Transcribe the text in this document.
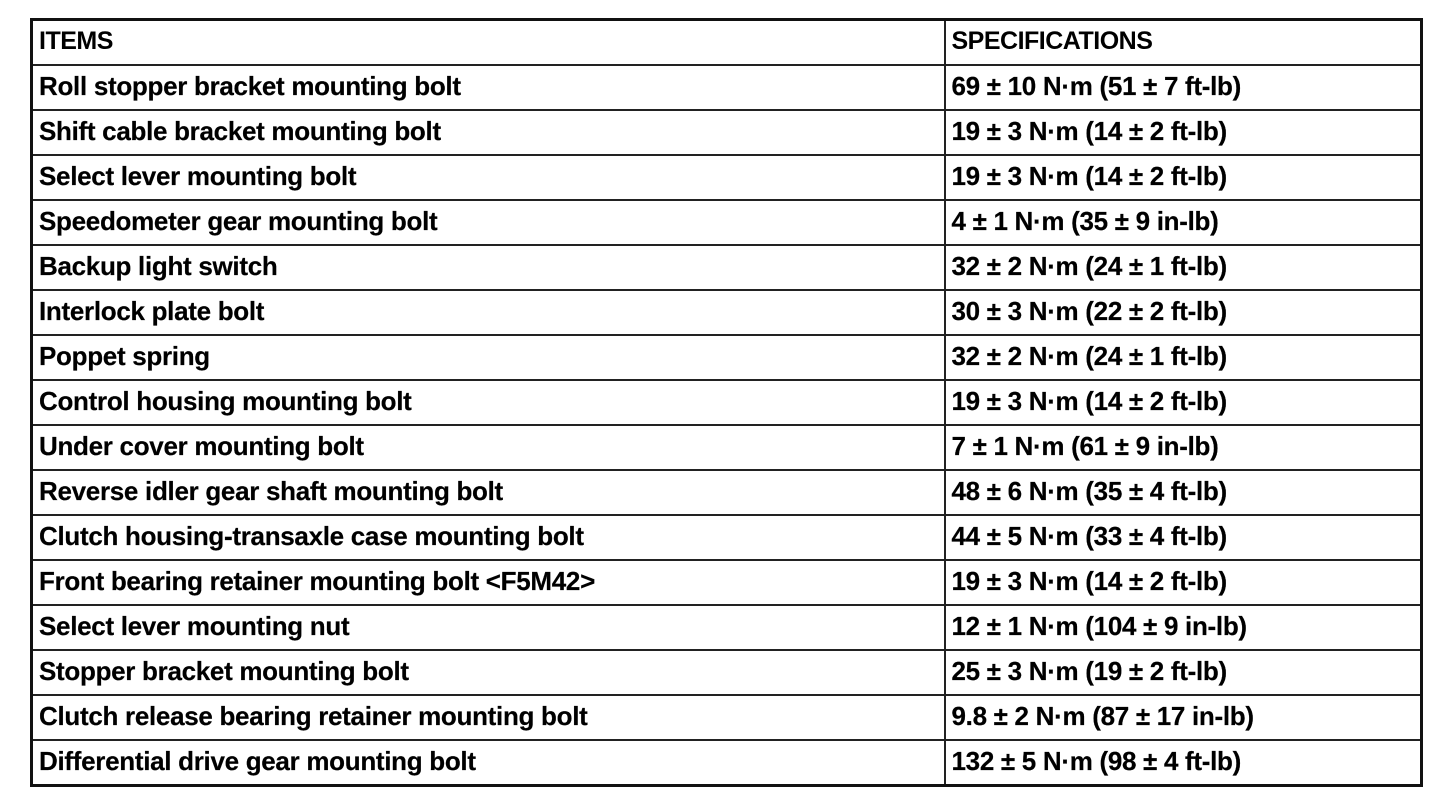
ITEMS	SPECIFICATIONS
Roll stopper bracket mounting bolt	69 ± 10 N·m (51 ± 7 ft-lb)
Shift cable bracket mounting bolt	19 ± 3 N·m (14 ± 2 ft-lb)
Select lever mounting bolt	19 ± 3 N·m (14 ± 2 ft-lb)
Speedometer gear mounting bolt	4 ± 1 N·m (35 ± 9 in-lb)
Backup light switch	32 ± 2 N·m (24 ± 1 ft-lb)
Interlock plate bolt	30 ± 3 N·m (22 ± 2 ft-lb)
Poppet spring	32 ± 2 N·m (24 ± 1 ft-lb)
Control housing mounting bolt	19 ± 3 N·m (14 ± 2 ft-lb)
Under cover mounting bolt	7 ± 1 N·m (61 ± 9 in-lb)
Reverse idler gear shaft mounting bolt	48 ± 6 N·m (35 ± 4 ft-lb)
Clutch housing-transaxle case mounting bolt	44 ± 5 N·m (33 ± 4 ft-lb)
Front bearing retainer mounting bolt <F5M42>	19 ± 3 N·m (14 ± 2 ft-lb)
Select lever mounting nut	12 ± 1 N·m (104 ± 9 in-lb)
Stopper bracket mounting bolt	25 ± 3 N·m (19 ± 2 ft-lb)
Clutch release bearing retainer mounting bolt	9.8 ± 2 N·m (87 ± 17 in-lb)
Differential drive gear mounting bolt	132 ± 5 N·m (98 ± 4 ft-lb)
